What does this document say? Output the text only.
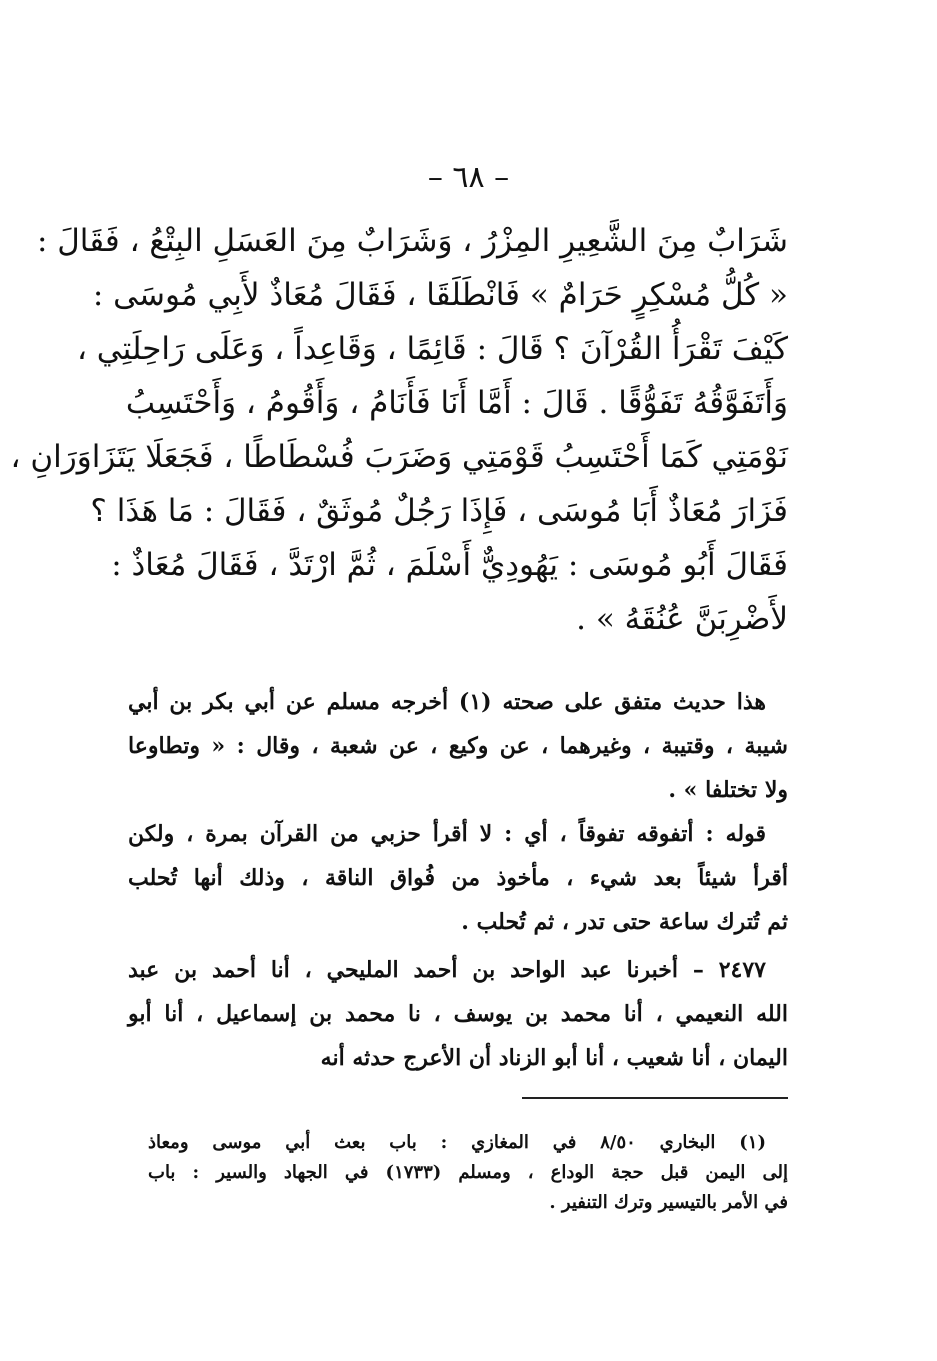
– ٦٨ –
شَرَابٌ مِنَ الشَّعِيرِ المِزْرُ ، وَشَرَابٌ مِنَ العَسَلِ البِتْعُ ، فَقَالَ :
« كُلُّ مُسْكِرٍ حَرَامٌ » فَانْطَلَقَا ، فَقَالَ مُعَاذٌ لأَبِي مُوسَى :
كَيْفَ تَقْرَأُ القُرْآنَ ؟ قَالَ : قَائِمًا ، وَقَاعِداً ، وَعَلَى رَاحِلَتِي ،
وَأَتَفَوَّقُهُ تَفَوُّقًا . قَالَ : أَمَّا أَنَا فَأَنَامُ ، وَأَقُومُ ، وَأَحْتَسِبُ
نَوْمَتِي كَمَا أَحْتَسِبُ قَوْمَتِي وَضَرَبَ فُسْطَاطًا ، فَجَعَلَا يَتَزَاوَرَانِ ،
فَزَارَ مُعَاذٌ أَبَا مُوسَى ، فَإِذَا رَجُلٌ مُوثَقٌ ، فَقَالَ : مَا هَذَا ؟
فَقَالَ أَبُو مُوسَى : يَهُودِيٌّ أَسْلَمَ ، ثُمَّ ارْتَدَّ ، فَقَالَ مُعَاذٌ :
لأَضْرِبَنَّ عُنُقَهُ » .
هذا حديث متفق على صحته (١) أخرجه مسلم عن أبي بكر بن أبي
شيبة ، وقتيبة ، وغيرهما ، عن وكيع ، عن شعبة ، وقال : « وتطاوعا
ولا تختلفا » .
قوله : أتفوقه تفوقاً ، أي : لا أقرأ حزبي من القرآن بمرة ، ولكن
أقرأ شيئاً بعد شيء ، مأخوذ من فُواق الناقة ، وذلك أنها تُحلب
ثم تُترك ساعة حتى تدر ، ثم تُحلب .
٢٤٧٧ – أخبرنا عبد الواحد بن أحمد المليحي ، أنا أحمد بن عبد
الله النعيمي ، أنا محمد بن يوسف ، نا محمد بن إسماعيل ، أنا أبو
اليمان ، أنا شعيب ، أنا أبو الزناد أن الأعرج حدثه أنه
(١) البخاري ٨/٥٠ في المغازي : باب بعث أبي موسى ومعاذ
إلى اليمن قبل حجة الوداع ، ومسلم (١٧٣٣) في الجهاد والسير : باب
في الأمر بالتيسير وترك التنفير .
